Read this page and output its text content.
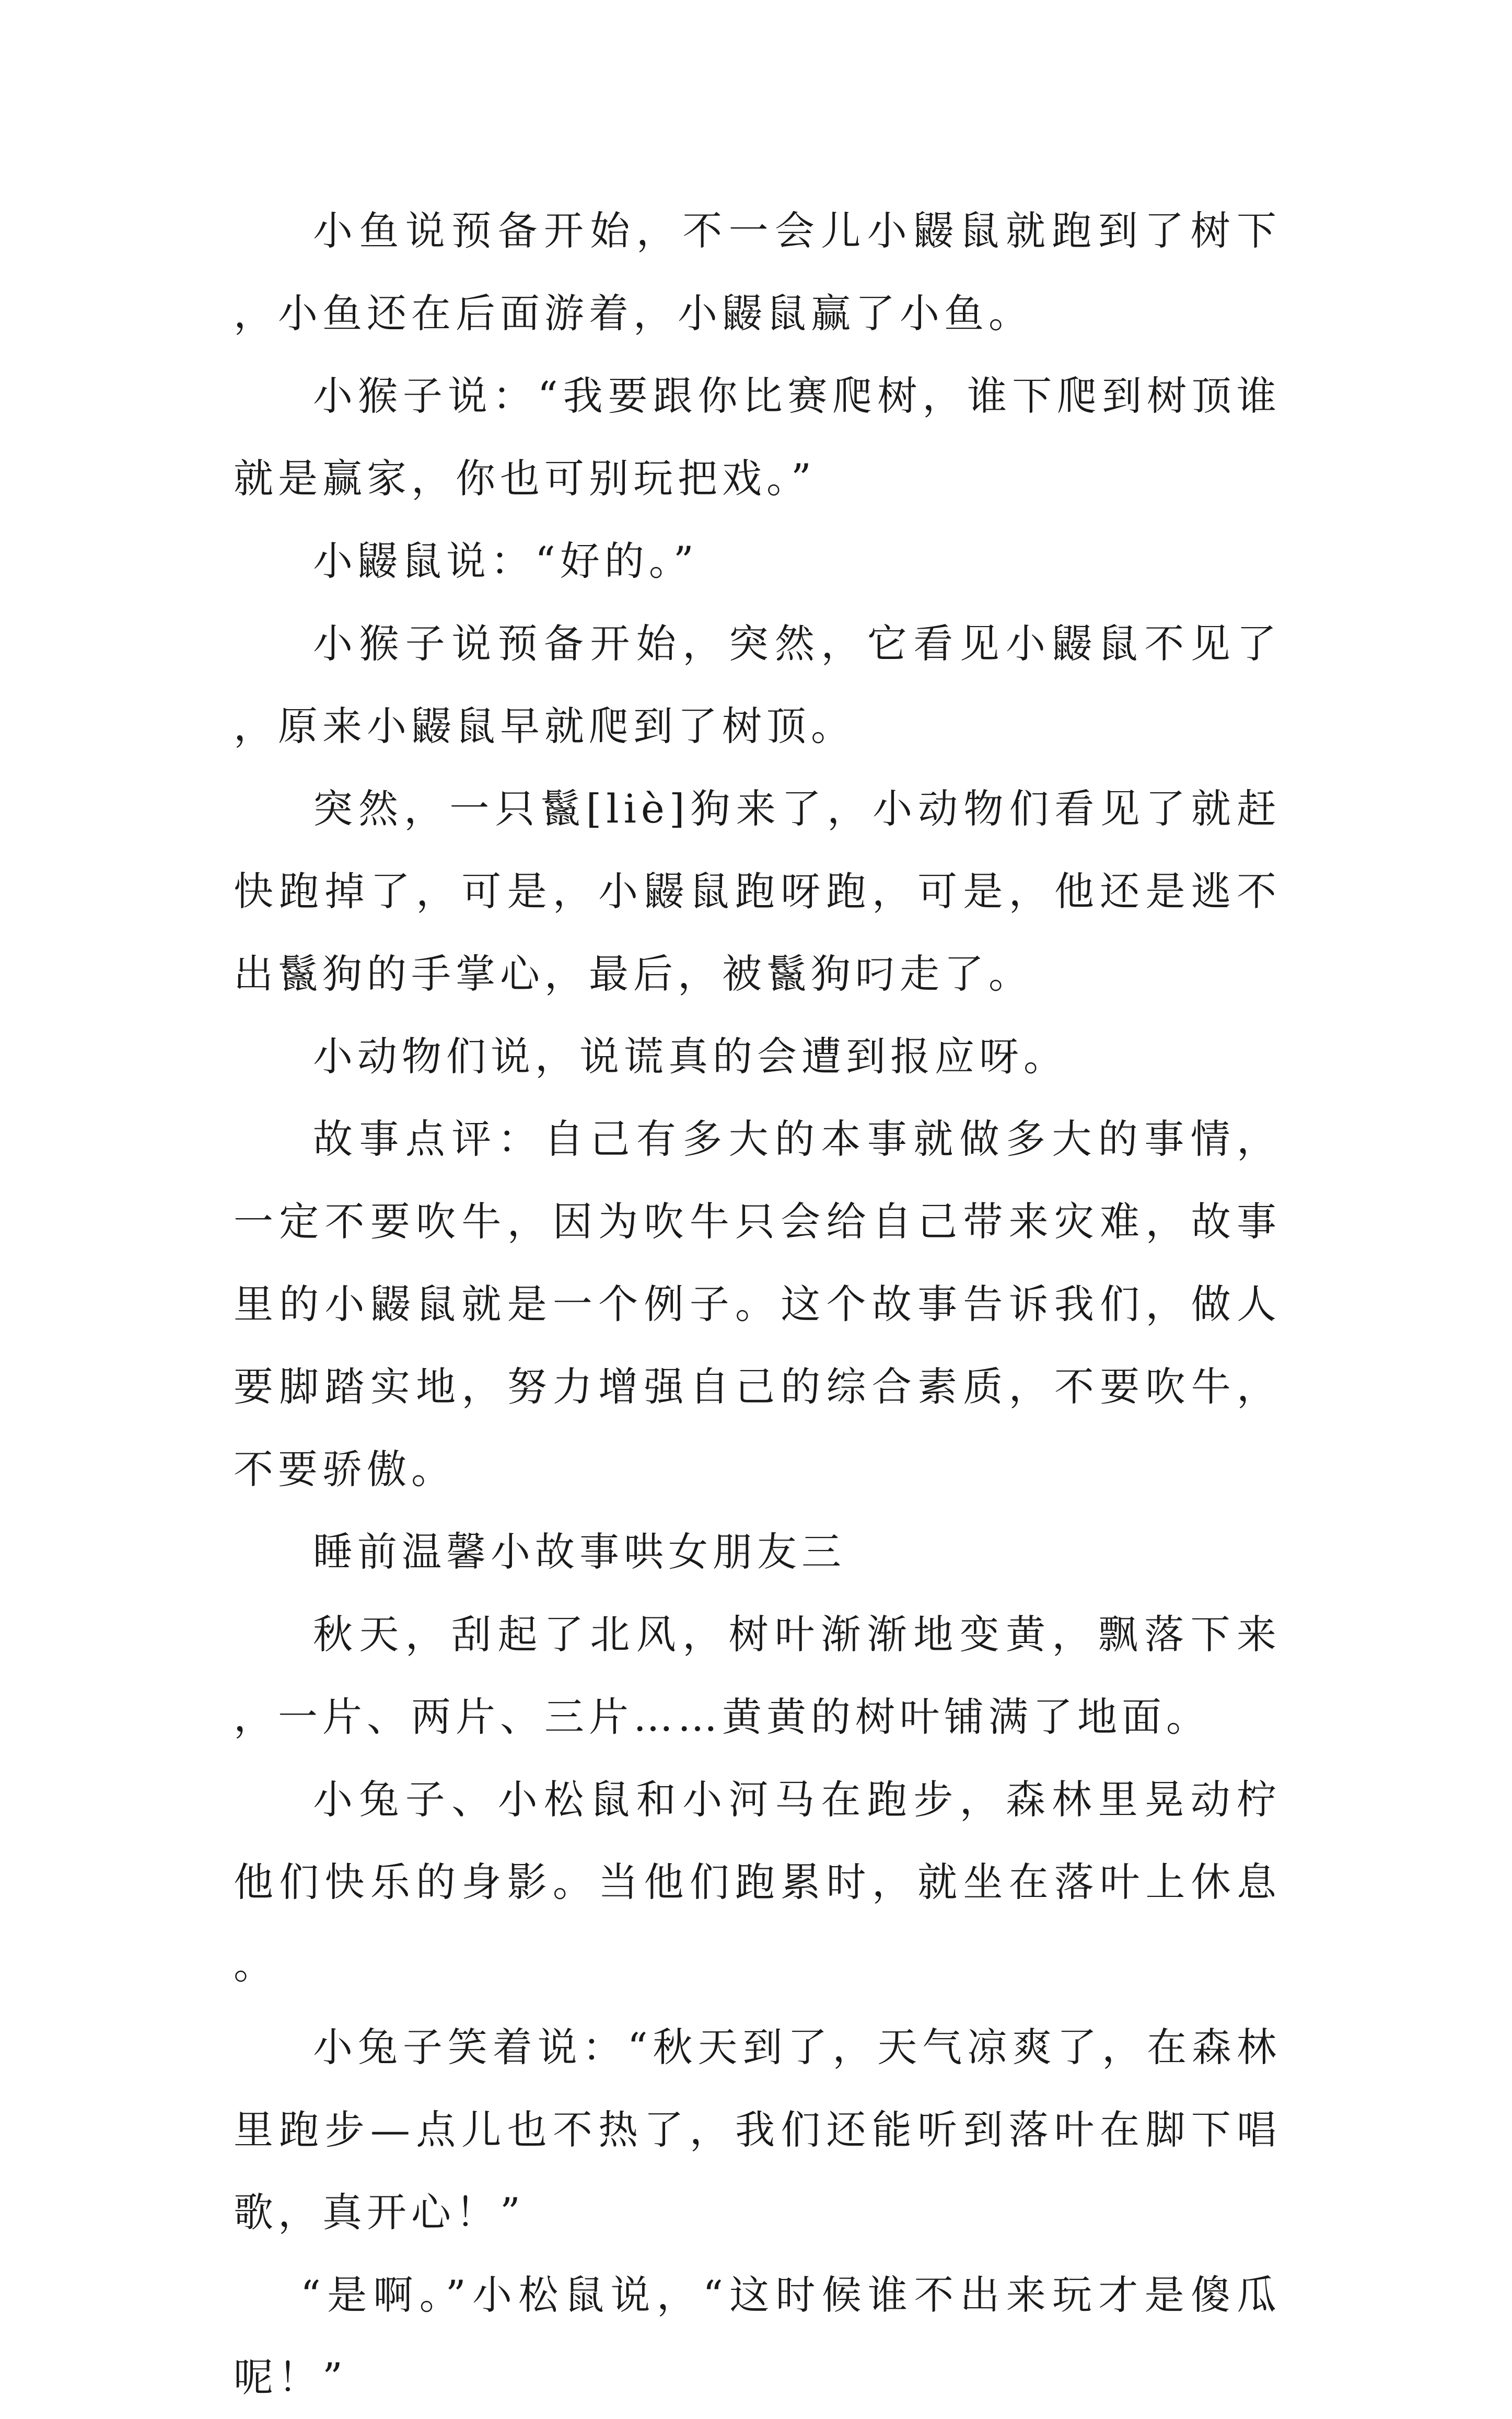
小鱼说预备开始，不一会儿小鼹鼠就跑到了树下，小鱼还在后面游着，小鼹鼠赢了小鱼。

小猴子说：“我要跟你比赛爬树，谁下爬到树顶谁就是赢家，你也可别玩把戏。”

小鼹鼠说：“好的。”

小猴子说预备开始，突然，它看见小鼹鼠不见了，原来小鼹鼠早就爬到了树顶。

突然，一只鬣[liè]狗来了，小动物们看见了就赶快跑掉了，可是，小鼹鼠跑呀跑，可是，他还是逃不出鬣狗的手掌心，最后，被鬣狗叼走了。

小动物们说，说谎真的会遭到报应呀。

故事点评：自己有多大的本事就做多大的事情，一定不要吹牛，因为吹牛只会给自己带来灾难，故事里的小鼹鼠就是一个例子。这个故事告诉我们，做人要脚踏实地，努力增强自己的综合素质，不要吹牛，不要骄傲。

睡前温馨小故事哄女朋友三

秋天，刮起了北风，树叶渐渐地变黄，飘落下来，一片、两片、三片……黄黄的树叶铺满了地面。

小兔子、小松鼠和小河马在跑步，森林里晃动柠他们快乐的身影。当他们跑累时，就坐在落叶上休息。

小兔子笑着说：“秋天到了，天气凉爽了，在森林里跑步—点儿也不热了，我们还能听到落叶在脚下唱歌，真开心！”

“是啊。”小松鼠说，“这时候谁不出来玩才是傻瓜呢！”
